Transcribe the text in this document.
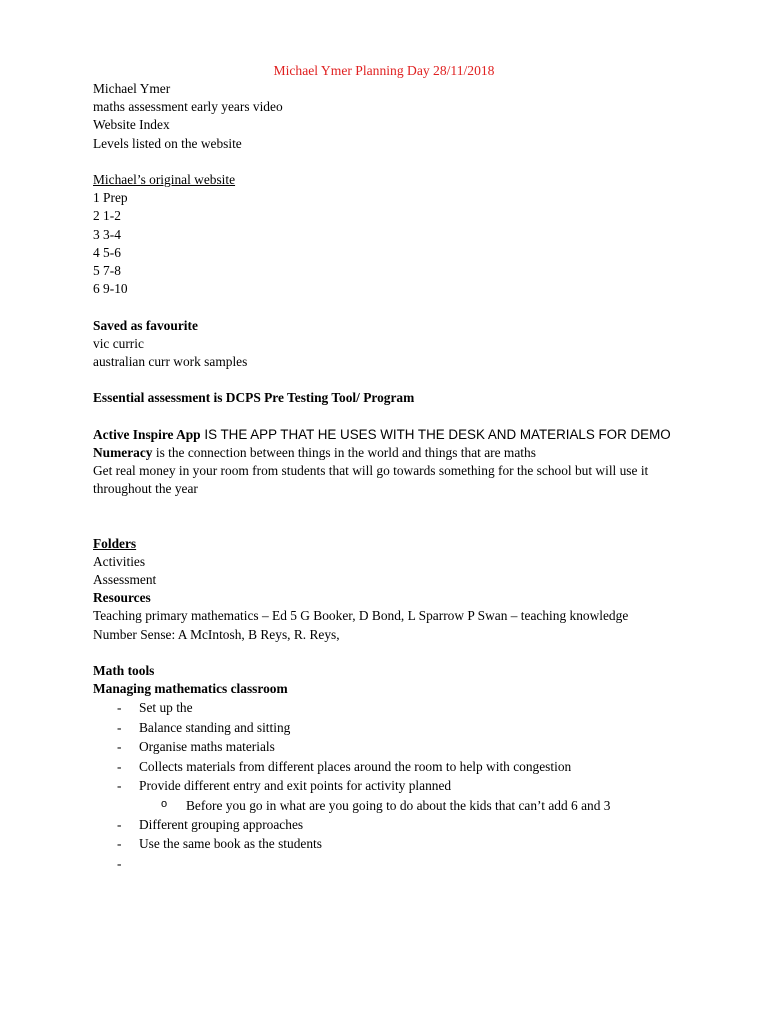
Michael Ymer Planning Day 28/11/2018
Michael Ymer
maths assessment early years video
Website Index
Levels listed on the website
Michael’s original website
1 Prep
2 1-2
3 3-4
4 5-6
5 7-8
6 9-10
Saved as favourite
vic curric
australian curr work samples
Essential assessment is DCPS Pre Testing Tool/ Program
Active Inspire App IS THE APP THAT HE USES WITH THE DESK AND MATERIALS FOR DEMO
Numeracy is the connection between things in the world and things that are maths
Get real money in your room from students that will go towards something for the school but will use it throughout the year
Folders
Activities
Assessment
Resources
Teaching primary mathematics – Ed 5 G Booker, D Bond, L Sparrow P Swan – teaching knowledge
Number Sense: A McIntosh, B Reys, R. Reys,
Math tools
Managing mathematics classroom
- Set up the
- Balance standing and sitting
- Organise maths materials
- Collects materials from different places around the room to help with congestion
- Provide different entry and exit points for activity planned
o Before you go in what are you going to do about the kids that can’t add 6 and 3
- Different grouping approaches
- Use the same book as the students
-
